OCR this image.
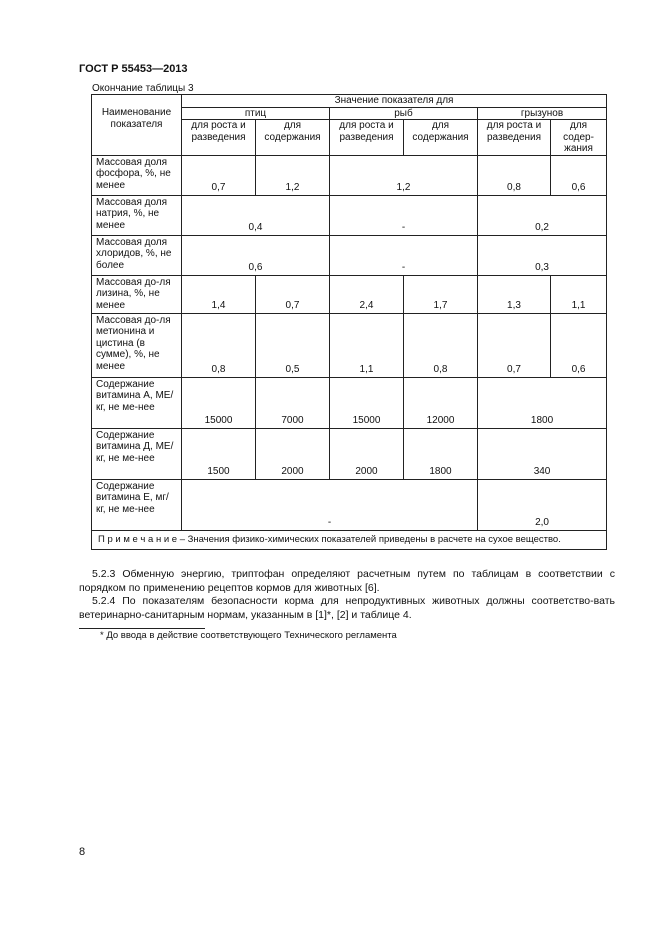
ГОСТ Р 55453—2013
Окончание таблицы 3
Наименование показателя	Значение показателя для					
	птиц		рыб		грызунов	
	для роста и разведения	для содержания	для роста и разведения	для содержания	для роста и разведения	для содер-жания
Массовая доля фосфора, %, не менее	0,7	1,2	1,2		0,8	0,6
Массовая доля натрия, %, не менее	0,4		-		0,2	
Массовая доля хлоридов, %, не более	0,6		-		0,3	
Массовая до-ля лизина, %, не менее	1,4	0,7	2,4	1,7	1,3	1,1
Массовая до-ля метионина и цистина (в сумме), %, не менее	0,8	0,5	1,1	0,8	0,7	0,6
Содержание витамина А, МЕ/кг, не ме-нее	15000	7000	15000	12000	1800	
Содержание витамина Д, МЕ/кг, не ме-нее	1500	2000	2000	1800	340	
Содержание витамина Е, мг/кг, не ме-нее	-				2,0	
П р и м е ч а н и е – Значения физико-химических показателей приведены в расчете на сухое вещество.						
5.2.3 Обменную энергию, триптофан определяют расчетным путем по таблицам в соответствии с порядком по применению рецептов кормов для животных [6].
5.2.4 По показателям безопасности корма для непродуктивных животных должны соответство-вать ветеринарно-санитарным нормам, указанным в [1]*, [2] и таблице 4.
* До ввода в действие соответствующего Технического регламента
8
